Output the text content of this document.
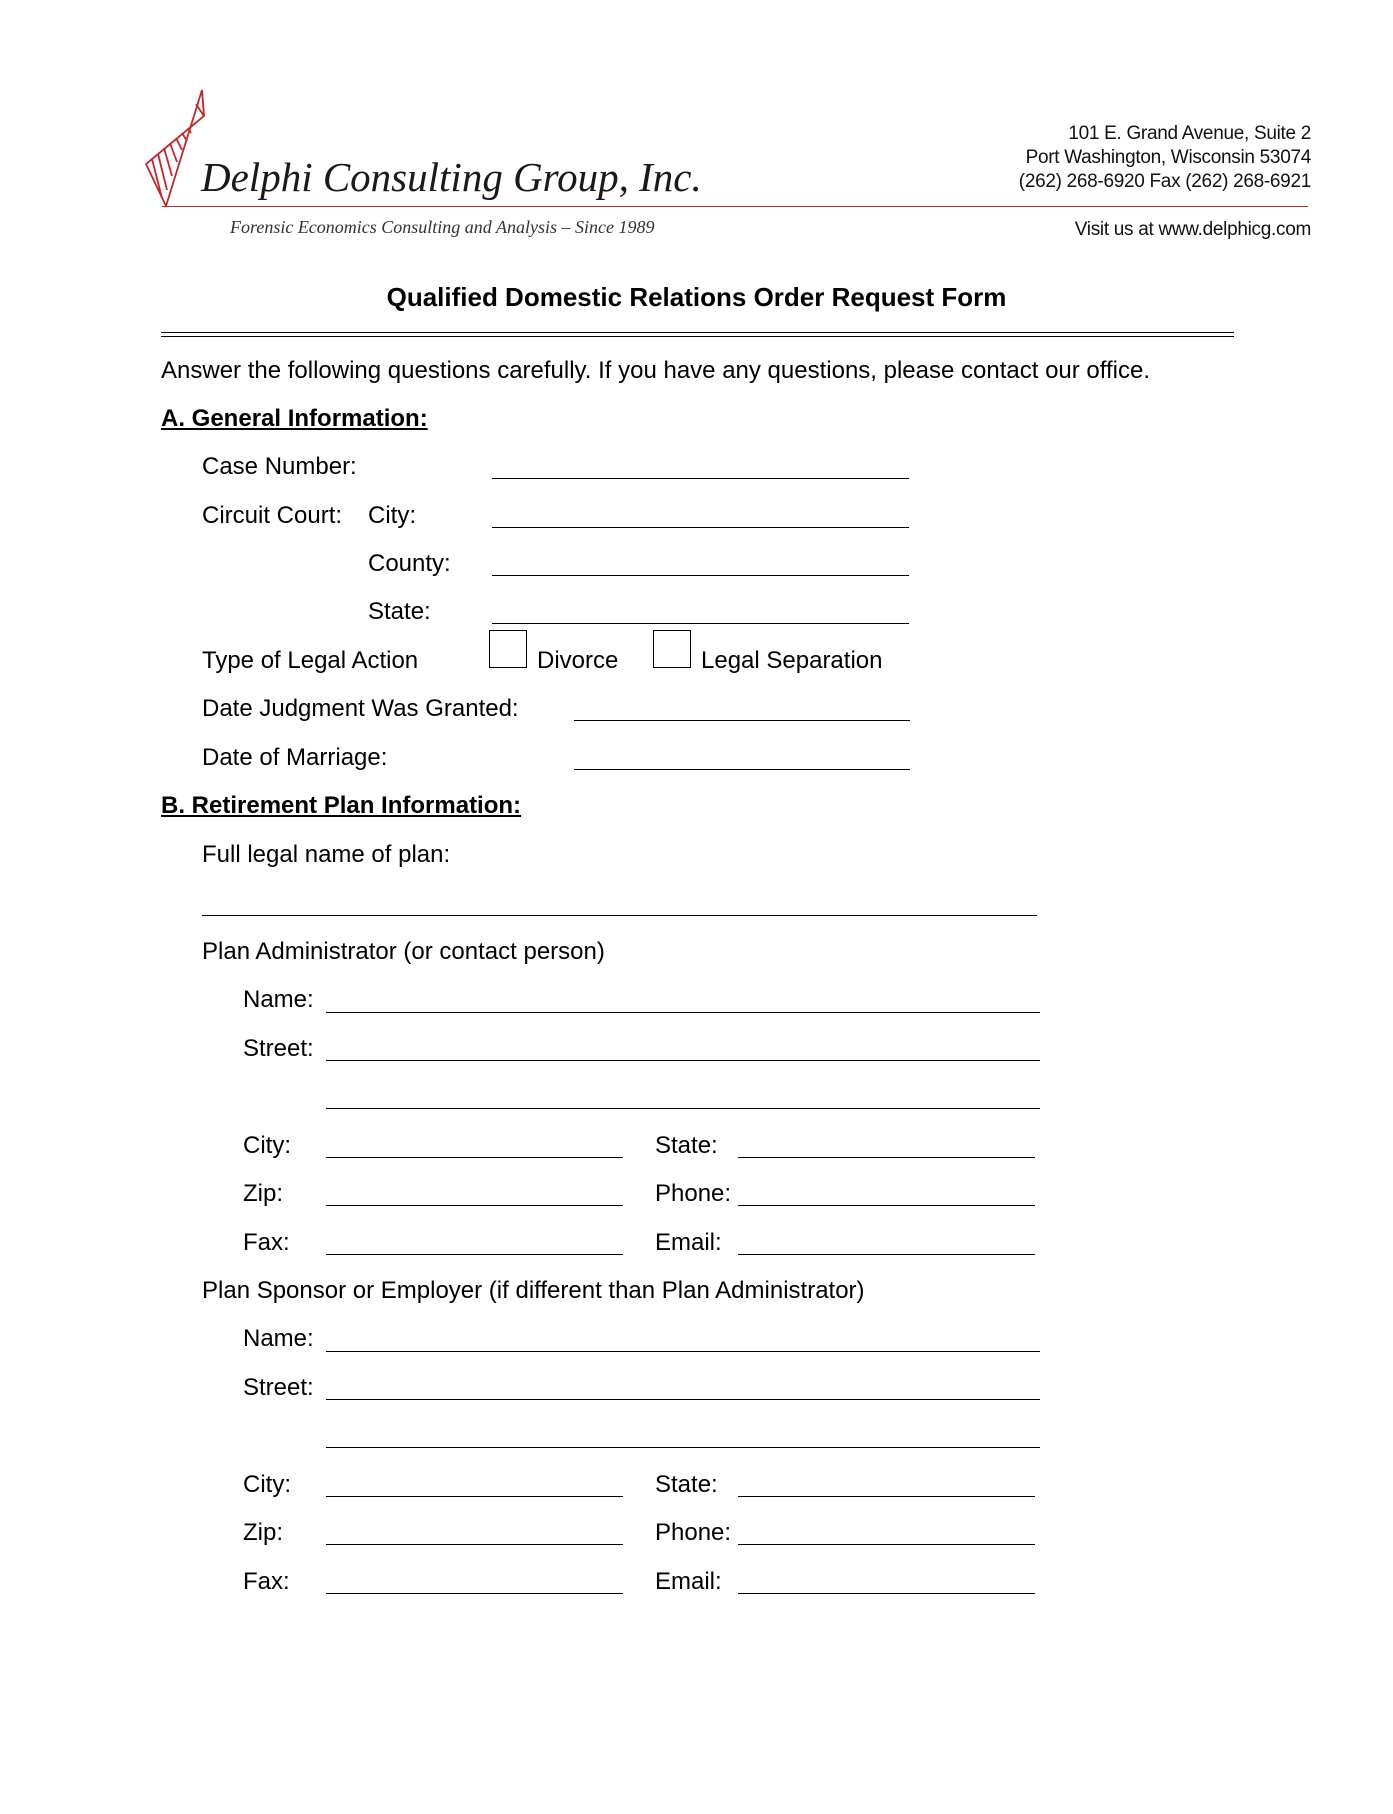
Delphi Consulting Group, Inc.
Forensic Economics Consulting and Analysis – Since 1989
101 E. Grand Avenue, Suite 2
Port Washington, Wisconsin 53074
(262) 268-6920 Fax (262) 268-6921
Visit us at www.delphicg.com
Qualified Domestic Relations Order Request Form
Answer the following questions carefully. If you have any questions, please contact our office.
A. General Information:
Case Number:
Circuit Court: City:
County:
State:
Type of Legal Action	Divorce	Legal Separation
Date Judgment Was Granted:
Date of Marriage:
B. Retirement Plan Information:
Full legal name of plan:
Plan Administrator (or contact person)
Name:
Street:
City:	State:
Zip:	Phone:
Fax:	Email:
Plan Sponsor or Employer (if different than Plan Administrator)
Name:
Street:
City:	State:
Zip:	Phone:
Fax:	Email:
